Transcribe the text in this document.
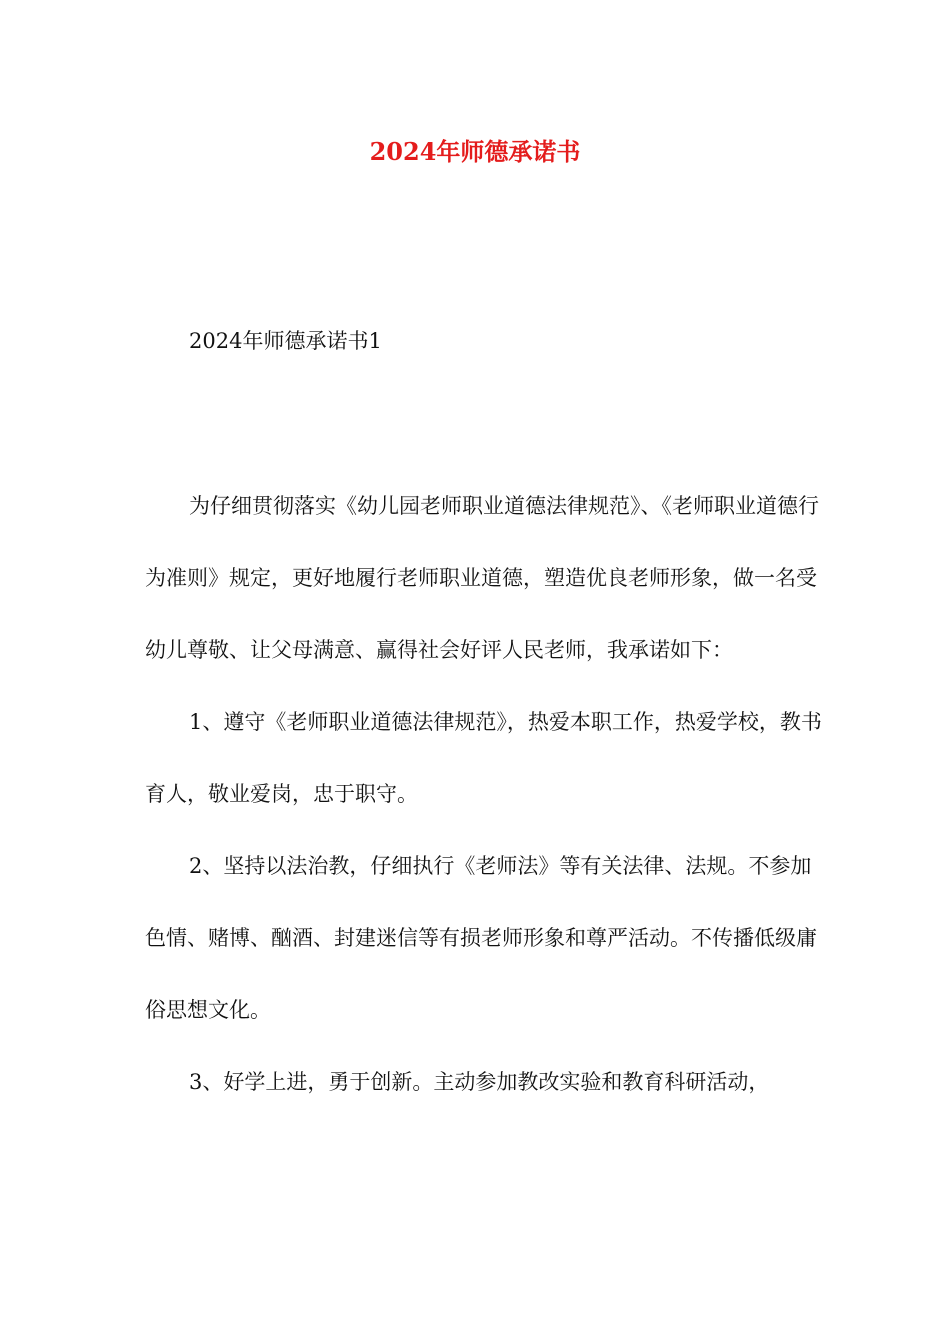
2024年师德承诺书

2024年师德承诺书1

为仔细贯彻落实《幼儿园老师职业道德法律规范》、《老师职业道德行为准则》规定，更好地履行老师职业道德，塑造优良老师形象，做一名受幼儿尊敬、让父母满意、赢得社会好评人民老师，我承诺如下：

1、遵守《老师职业道德法律规范》，热爱本职工作，热爱学校，教书育人，敬业爱岗，忠于职守。

2、坚持以法治教，仔细执行《老师法》等有关法律、法规。不参加色情、赌博、酗酒、封建迷信等有损老师形象和尊严活动。不传播低级庸俗思想文化。

3、好学上进，勇于创新。主动参加教改实验和教育科研活动，
